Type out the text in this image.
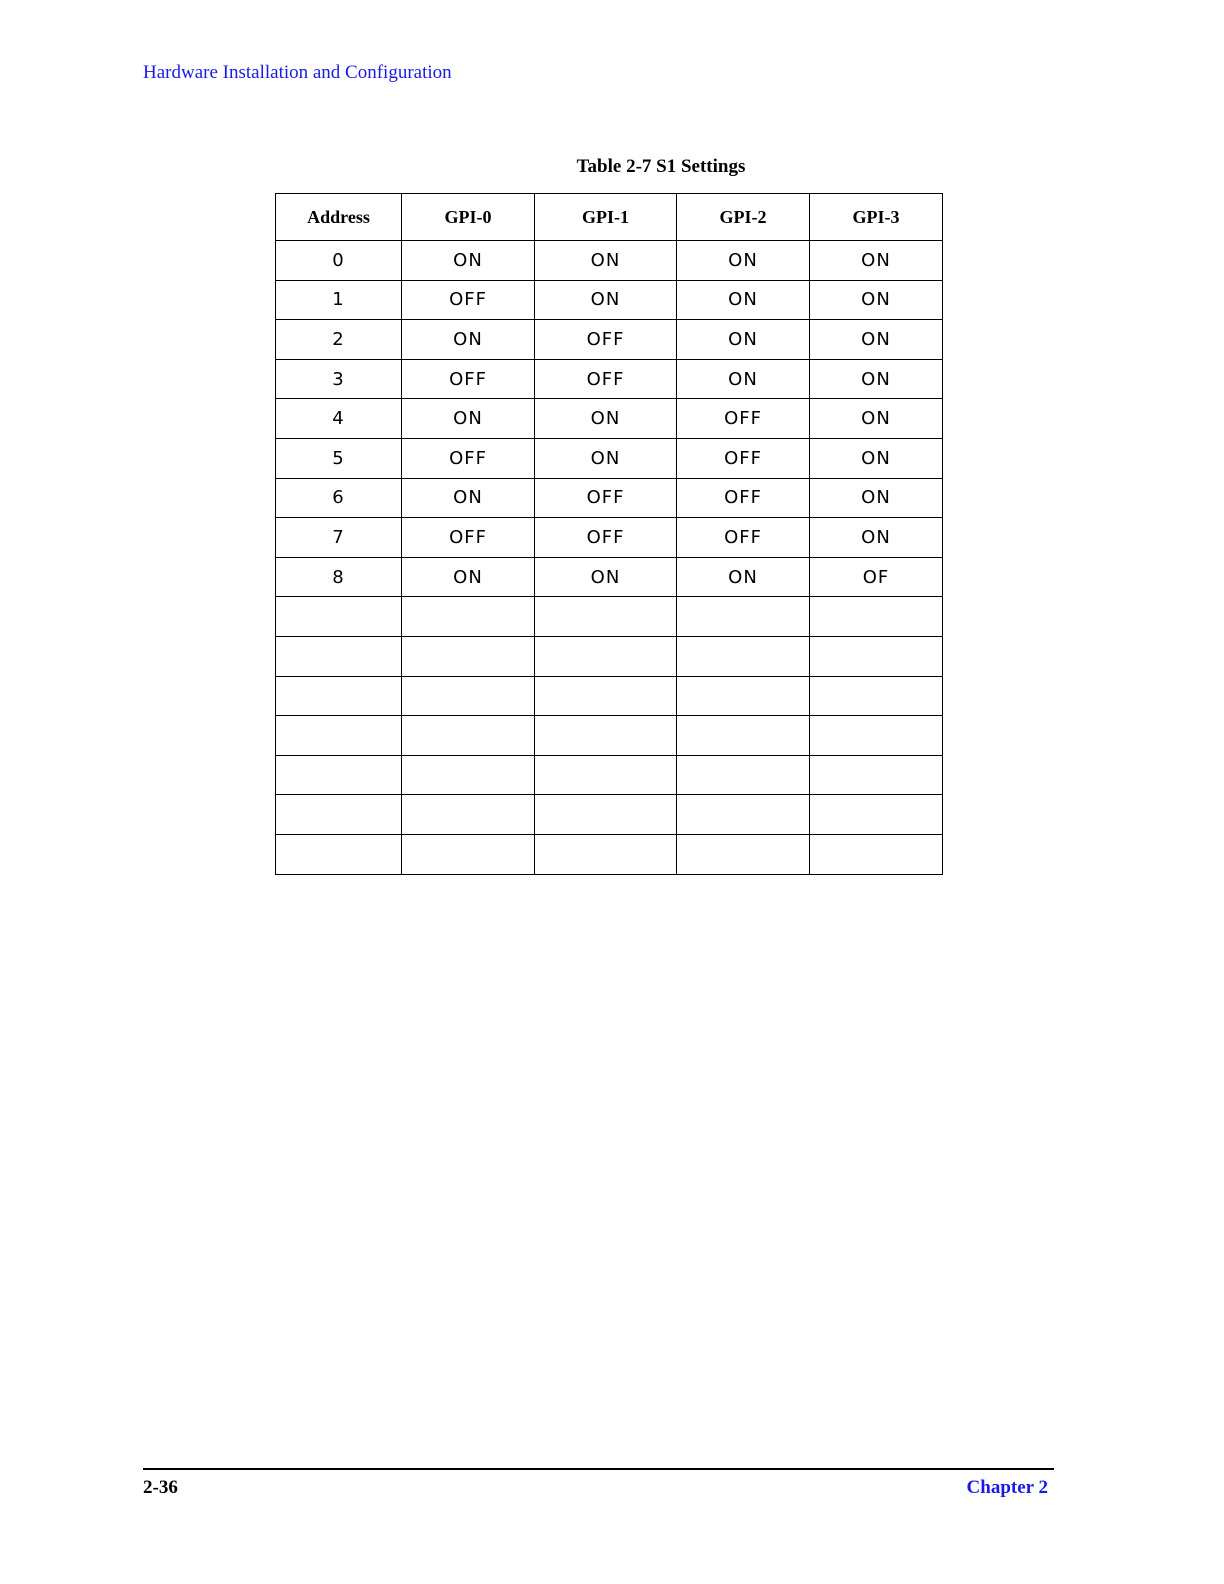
Hardware Installation and Configuration
Table 2-7 S1 Settings
Address	GPI-0	GPI-1	GPI-2	GPI-3
0	ON	ON	ON	ON
1	OFF	ON	ON	ON
2	ON	OFF	ON	ON
3	OFF	OFF	ON	ON
4	ON	ON	OFF	ON
5	OFF	ON	OFF	ON
6	ON	OFF	OFF	ON
7	OFF	OFF	OFF	ON
8	ON	ON	ON	OF

2-36	Chapter 2
